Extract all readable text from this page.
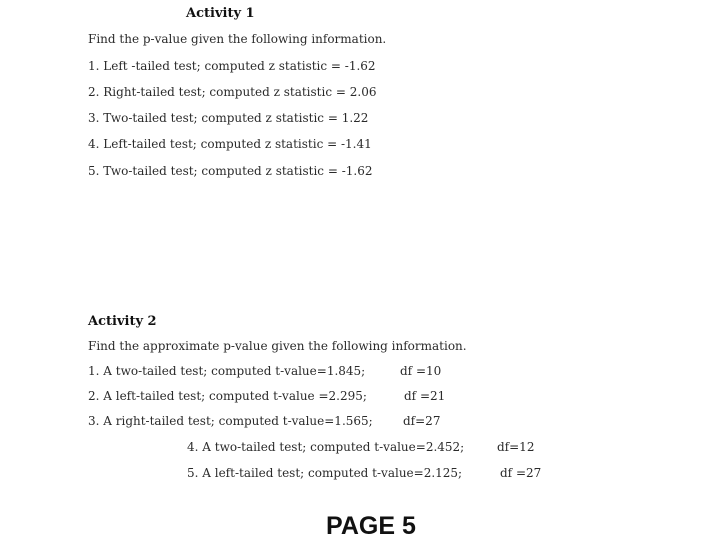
Activity 1
Find the p-value given the following information.
1. Left -tailed test; computed z statistic = -1.62
2. Right-tailed test; computed z statistic = 2.06
3. Two-tailed test; computed z statistic = 1.22
4. Left-tailed test; computed z statistic = -1.41
5. Two-tailed test; computed z statistic = -1.62
Activity 2
Find the approximate p-value given the following information.
1. A two-tailed test; computed t-value=1.845;	df =10
2. A left-tailed test; computed t-value =2.295;	df =21
3. A right-tailed test; computed t-value=1.565;	df=27
4. A two-tailed test; computed t-value=2.452;	df=12
5. A left-tailed test; computed t-value=2.125;	df =27
PAGE 5
